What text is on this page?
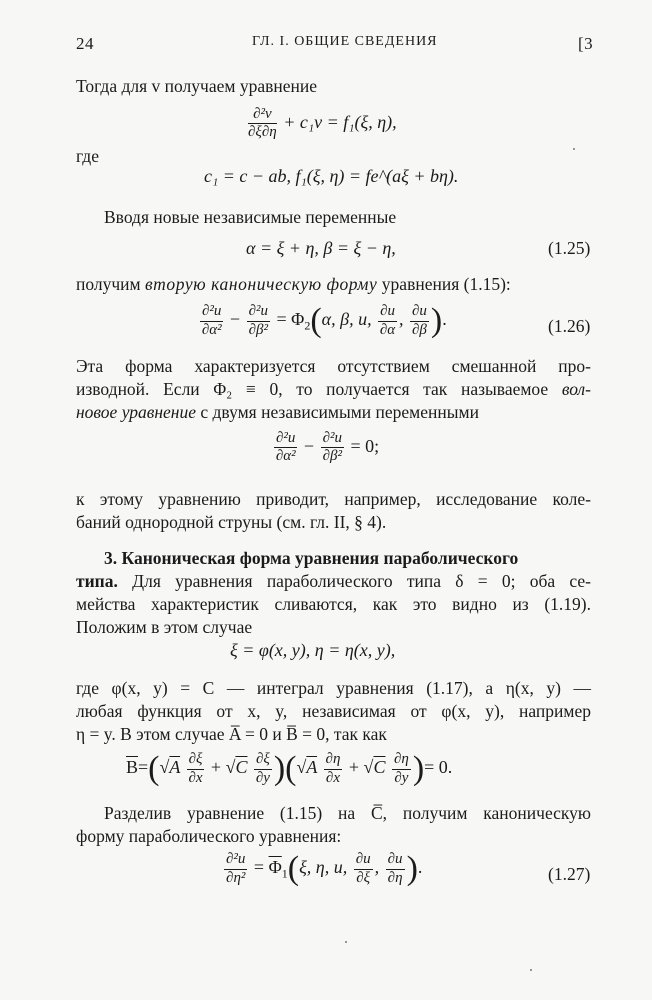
24	ГЛ. I. ОБЩИЕ СВЕДЕНИЯ	[3
Тогда для v получаем уравнение
$\frac{\text{∂²v}}{\partial\xi\partial\eta} + c_1v = f_1(\xi$, η),
где
c₁ = c − ab, f₁(ξ, η) = fe^(aξ + bη).
Вводя новые независимые переменные
α = ξ + η, β = ξ − η,	(1.25)
получим вторую каноническую форму уравнения (1.15):
$\frac{\text{∂²u}}{\text{∂α²}} - \frac{\text{∂²u}}{\text{∂β²}} = \Phi_2(\alpha$, β, u, $\frac{\partial u}{\partial\alpha}$ , $\frac{\partial u}{\partial\beta}$ ).	(1.26)
Эта форма характеризуется отсутствием смешанной про-
изводной. Если Φ₂ ≡ 0, то получается так называемое вол-
новое уравнение с двумя независимыми переменными
$\frac{\text{∂²u}}{\text{∂α²}} - \frac{\text{∂²u}}{\text{∂β²}} = 0$;
к этому уравнению приводит, например, исследование коле-
баний однородной струны (см. гл. II, § 4).
3. Каноническая форма уравнения параболического
типа. Для уравнения параболического типа δ = 0; оба се-
мейства характеристик сливаются, как это видно из (1.19).
Положим в этом случае
ξ = φ(x, y), η = η(x, y),
где φ(x, y) = C — интеграл уравнения (1.17), а η(x, y) —
любая функция от x, y, независимая от φ(x, y), например
η = y. В этом случае A̅ = 0 и B̅ = 0, так как
$\overline{B}=(√A \frac{\partial\xi}{\partial x} + √C \frac{\partial\xi}{\partial y} )(√A \frac{\partial\eta}{\partial x} + √C \frac{\partial\eta}{\partial y}$ )= 0.
Разделив уравнение (1.15) на C̅, получим каноническую
форму параболического уравнения:
$\frac{\text{∂²u}}{\text{∂η²}} = \overline{\Phi}_1(\xi$, η, u, $\frac{\partial u}{\partial\xi}$ , $\frac{\partial u}{\partial\eta}$ ).	(1.27)
